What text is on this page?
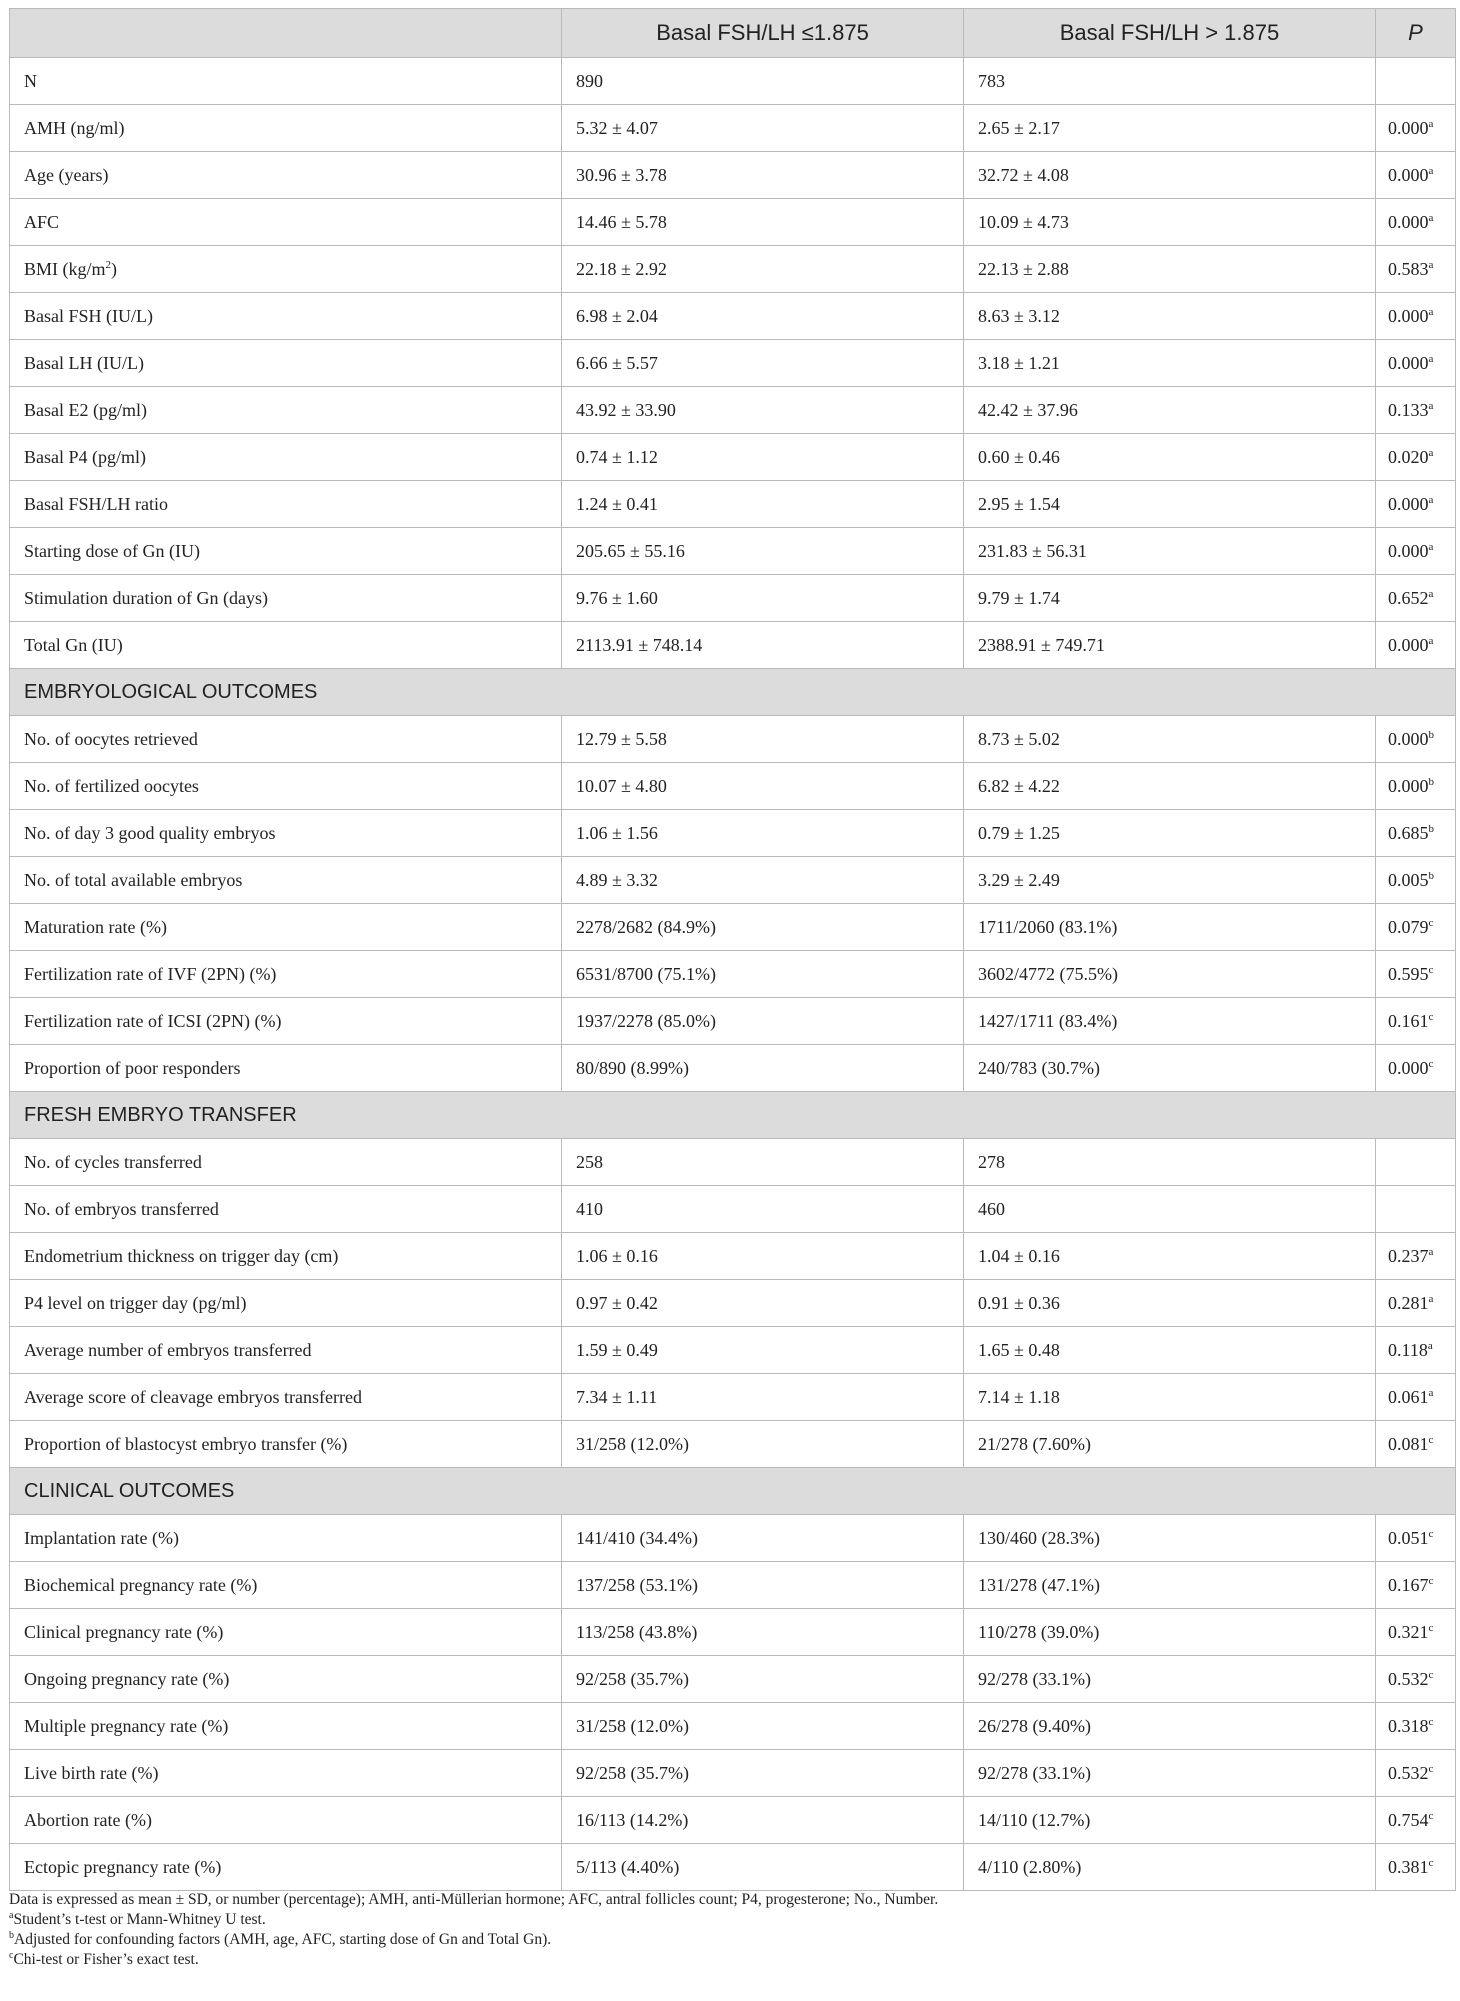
	Basal FSH/LH ≤1.875	Basal FSH/LH > 1.875	P
N	890	783	
AMH (ng/ml)	5.32 ± 4.07	2.65 ± 2.17	0.000$^a$
Age (years)	30.96 ± 3.78	32.72 ± 4.08	0.000$^a$
AFC	14.46 ± 5.78	10.09 ± 4.73	0.000$^a$
BMI $(kg/m^2)$	22.18 ± 2.92	22.13 ± 2.88	0.583$^a$
Basal FSH (IU/L)	6.98 ± 2.04	8.63 ± 3.12	0.000$^a$
Basal LH (IU/L)	6.66 ± 5.57	3.18 ± 1.21	0.000$^a$
Basal E2 (pg/ml)	43.92 ± 33.90	42.42 ± 37.96	0.133$^a$
Basal P4 (pg/ml)	0.74 ± 1.12	0.60 ± 0.46	0.020$^a$
Basal FSH/LH ratio	1.24 ± 0.41	2.95 ± 1.54	0.000$^a$
Starting dose of Gn (IU)	205.65 ± 55.16	231.83 ± 56.31	0.000$^a$
Stimulation duration of Gn (days)	9.76 ± 1.60	9.79 ± 1.74	0.652$^a$
Total Gn (IU)	2113.91 ± 748.14	2388.91 ± 749.71	0.000$^a$
EMBRYOLOGICAL OUTCOMES			
No. of oocytes retrieved	12.79 ± 5.58	8.73 ± 5.02	0.000$^b$
No. of fertilized oocytes	10.07 ± 4.80	6.82 ± 4.22	0.000$^b$
No. of day 3 good quality embryos	1.06 ± 1.56	0.79 ± 1.25	0.685$^b$
No. of total available embryos	4.89 ± 3.32	3.29 ± 2.49	0.005$^b$
Maturation rate (%)	2278/2682 (84.9%)	1711/2060 (83.1%)	0.079$^c$
Fertilization rate of IVF (2PN) (%)	6531/8700 (75.1%)	3602/4772 (75.5%)	0.595$^c$
Fertilization rate of ICSI (2PN) (%)	1937/2278 (85.0%)	1427/1711 (83.4%)	0.161$^c$
Proportion of poor responders	80/890 (8.99%)	240/783 (30.7%)	0.000$^c$
FRESH EMBRYO TRANSFER			
No. of cycles transferred	258	278	
No. of embryos transferred	410	460	
Endometrium thickness on trigger day (cm)	1.06 ± 0.16	1.04 ± 0.16	0.237$^a$
P4 level on trigger day (pg/ml)	0.97 ± 0.42	0.91 ± 0.36	0.281$^a$
Average number of embryos transferred	1.59 ± 0.49	1.65 ± 0.48	0.118$^a$
Average score of cleavage embryos transferred	7.34 ± 1.11	7.14 ± 1.18	0.061$^a$
Proportion of blastocyst embryo transfer (%)	31/258 (12.0%)	21/278 (7.60%)	0.081$^c$
CLINICAL OUTCOMES			
Implantation rate (%)	141/410 (34.4%)	130/460 (28.3%)	0.051$^c$
Biochemical pregnancy rate (%)	137/258 (53.1%)	131/278 (47.1%)	0.167$^c$
Clinical pregnancy rate (%)	113/258 (43.8%)	110/278 (39.0%)	0.321$^c$
Ongoing pregnancy rate (%)	92/258 (35.7%)	92/278 (33.1%)	0.532$^c$
Multiple pregnancy rate (%)	31/258 (12.0%)	26/278 (9.40%)	0.318$^c$
Live birth rate (%)	92/258 (35.7%)	92/278 (33.1%)	0.532$^c$
Abortion rate (%)	16/113 (14.2%)	14/110 (12.7%)	0.754$^c$
Ectopic pregnancy rate (%)	5/113 (4.40%)	4/110 (2.80%)	0.381$^c$
Data is expressed as mean ± SD, or number (percentage); AMH, anti-Müllerian hormone; AFC, antral follicles count; P4, progesterone; No., Number.
$^a$Student’s t-test or Mann-Whitney U test.
$^b$Adjusted for confounding factors (AMH, age, AFC, starting dose of Gn and Total Gn).
$^c$Chi-test or Fisher’s exact test.
